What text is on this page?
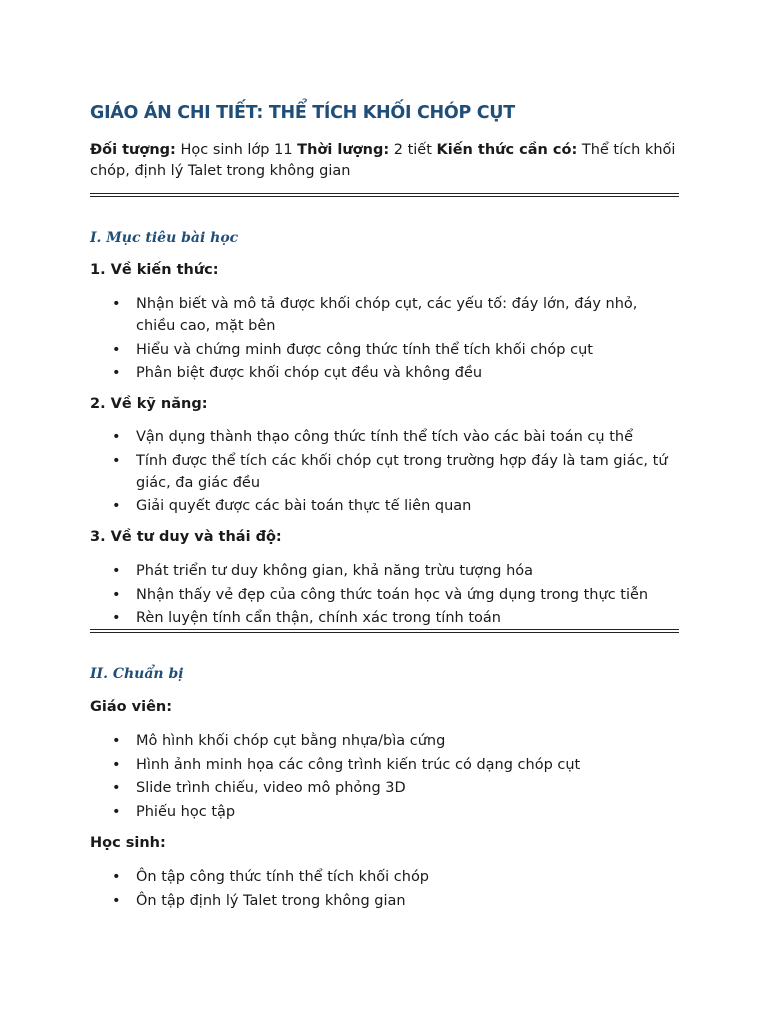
GIÁO ÁN CHI TIẾT: THỂ TÍCH KHỐI CHÓP CỤT
Đối tượng: Học sinh lớp 11 Thời lượng: 2 tiết Kiến thức cần có: Thể tích khối chóp, định lý Talet trong không gian
I. Mục tiêu bài học
1. Về kiến thức:
• Nhận biết và mô tả được khối chóp cụt, các yếu tố: đáy lớn, đáy nhỏ, chiều cao, mặt bên
• Hiểu và chứng minh được công thức tính thể tích khối chóp cụt
• Phân biệt được khối chóp cụt đều và không đều
2. Về kỹ năng:
• Vận dụng thành thạo công thức tính thể tích vào các bài toán cụ thể
• Tính được thể tích các khối chóp cụt trong trường hợp đáy là tam giác, tứ giác, đa giác đều
• Giải quyết được các bài toán thực tế liên quan
3. Về tư duy và thái độ:
• Phát triển tư duy không gian, khả năng trừu tượng hóa
• Nhận thấy vẻ đẹp của công thức toán học và ứng dụng trong thực tiễn
• Rèn luyện tính cẩn thận, chính xác trong tính toán
II. Chuẩn bị
Giáo viên:
• Mô hình khối chóp cụt bằng nhựa/bìa cứng
• Hình ảnh minh họa các công trình kiến trúc có dạng chóp cụt
• Slide trình chiếu, video mô phỏng 3D
• Phiếu học tập
Học sinh:
• Ôn tập công thức tính thể tích khối chóp
• Ôn tập định lý Talet trong không gian
